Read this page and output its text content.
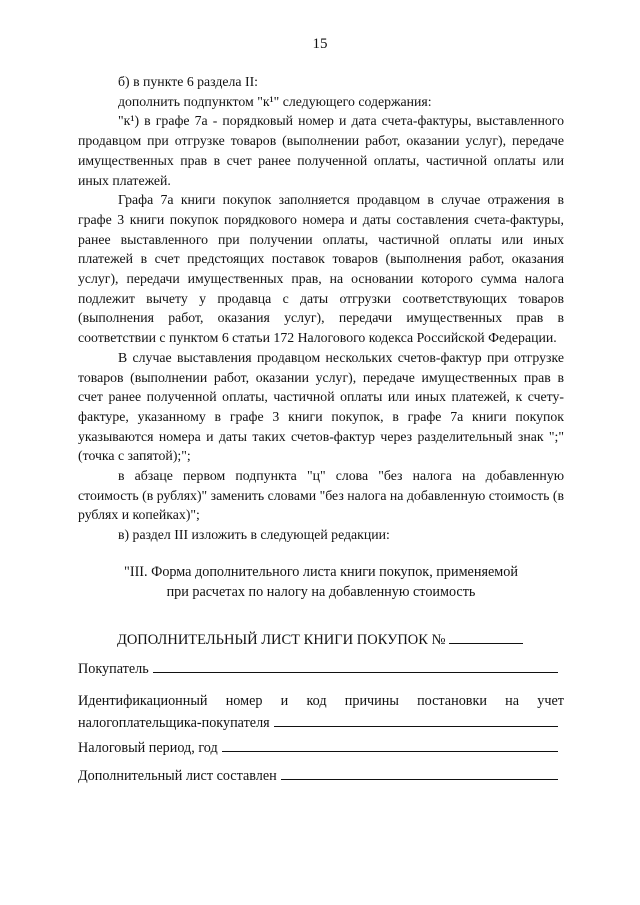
15

б) в пункте 6 раздела II:

дополнить подпунктом "к¹" следующего содержания:

"к¹) в графе 7а - порядковый номер и дата счета-фактуры, выставленного продавцом при отгрузке товаров (выполнении работ, оказании услуг), передаче имущественных прав в счет ранее полученной оплаты, частичной оплаты или иных платежей.

Графа 7а книги покупок заполняется продавцом в случае отражения в графе 3 книги покупок порядкового номера и даты составления счета-фактуры, ранее выставленного при получении оплаты, частичной оплаты или иных платежей в счет предстоящих поставок товаров (выполнения работ, оказания услуг), передачи имущественных прав, на основании которого сумма налога подлежит вычету у продавца с даты отгрузки соответствующих товаров (выполнения работ, оказания услуг), передачи имущественных прав в соответствии с пунктом 6 статьи 172 Налогового кодекса Российской Федерации.

В случае выставления продавцом нескольких счетов-фактур при отгрузке товаров (выполнении работ, оказании услуг), передаче имущественных прав в счет ранее полученной оплаты, частичной оплаты или иных платежей, к счету-фактуре, указанному в графе 3 книги покупок, в графе 7а книги покупок указываются номера и даты таких счетов-фактур через разделительный знак ";" (точка с запятой);";

в абзаце первом подпункта "ц" слова "без налога на добавленную стоимость (в рублях)" заменить словами "без налога на добавленную стоимость (в рублях и копейках)";

в) раздел III изложить в следующей редакции:

"III. Форма дополнительного листа книги покупок, применяемой

при расчетах по налогу на добавленную стоимость

ДОПОЛНИТЕЛЬНЫЙ ЛИСТ КНИГИ ПОКУПОК №
Покупатель
Идентификационный номер и код причины постановки на учет
налогоплательщика-покупателя
Налоговый период, год
Дополнительный лист составлен
